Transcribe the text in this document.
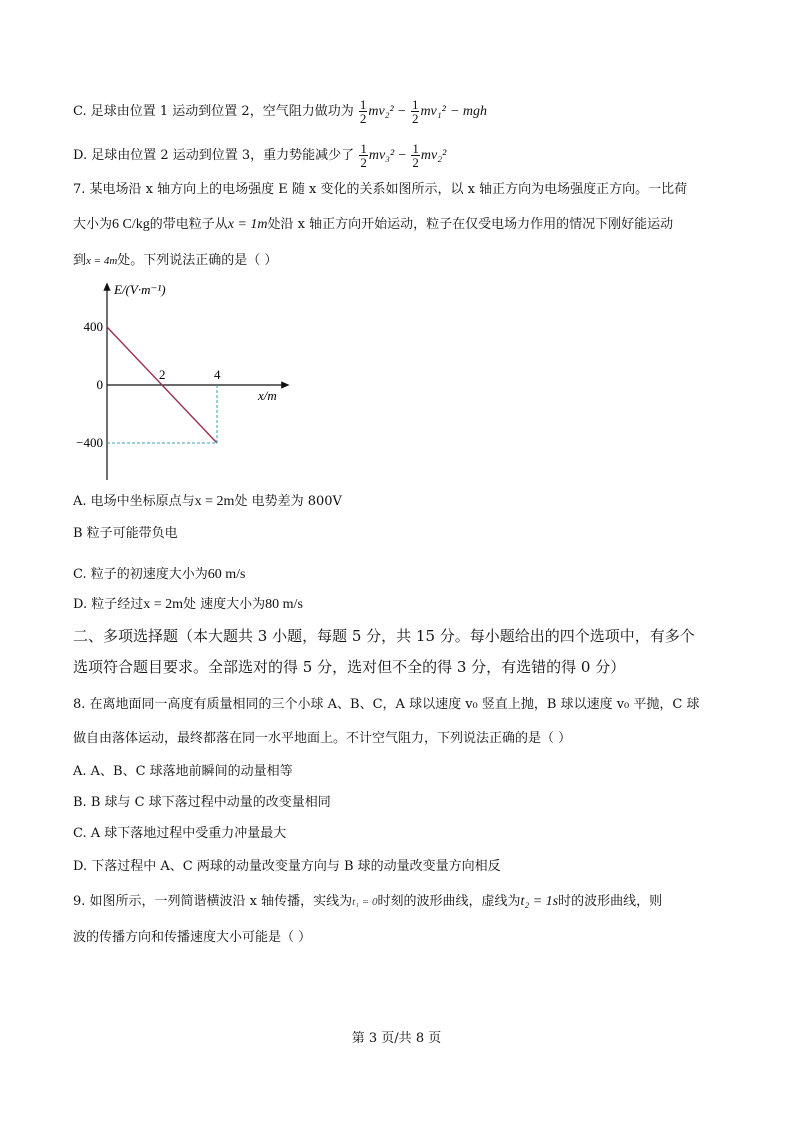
C. 足球由位置 1 运动到位置 2，空气阻力做功为 $\frac{1}{2} mv_2^2 - \frac{1}{2} mv_1^2$ − mgh
D. 足球由位置 2 运动到位置 3，重力势能减少了 $\frac{1}{2} mv_3^2 - \frac{1}{2} mv_2^2$
7. 某电场沿 x 轴方向上的电场强度 E 随 x 变化的关系如图所示，以 x 轴正方向为电场强度正方向。一比荷
大小为6 C/kg的带电粒子从x = 1m处沿 x 轴正方向开始运动，粒子在仅受电场力作用的情况下刚好能运动
到x = 4m处。下列说法正确的是（ ）
E/(V·m⁻¹)
x/m
2	4
400
0
−400
A. 电场中坐标原点与x = 2m处 电势差为 800V
B 粒子可能带负电
C. 粒子的初速度大小为60 m/s
D. 粒子经过x = 2m处 速度大小为80 m/s
二、多项选择题（本大题共 3 小题，每题 5 分，共 15 分。每小题给出的四个选项中，有多个
选项符合题目要求。全部选对的得 5 分，选对但不全的得 3 分，有选错的得 0 分）
8. 在离地面同一高度有质量相同的三个小球 A、B、C，A 球以速度 v₀ 竖直上抛，B 球以速度 v₀ 平抛，C 球
做自由落体运动，最终都落在同一水平地面上。不计空气阻力，下列说法正确的是（ ）
A. A、B、C 球落地前瞬间的动量相等
B. B 球与 C 球下落过程中动量的改变量相同
C. A 球下落地过程中受重力冲量最大
D. 下落过程中 A、C 两球的动量改变量方向与 B 球的动量改变量方向相反
9. 如图所示，一列简谐横波沿 x 轴传播，实线为t₁ = 0时刻的波形曲线，虚线为t₂ = 1s时的波形曲线，则
波的传播方向和传播速度大小可能是（ ）
第 3 页/共 8 页
